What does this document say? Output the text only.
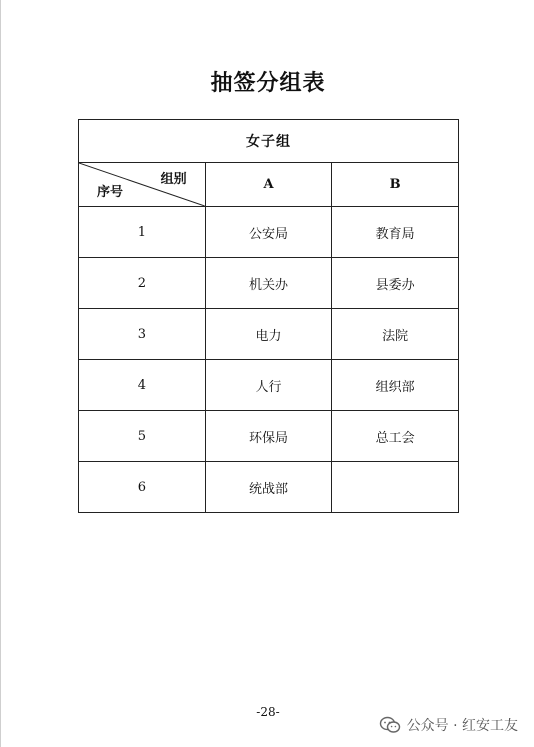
抽签分组表
女子组		

组别
序号	A	B
1	公安局	教育局
2	机关办	县委办
3	电力	法院
4	人行	组织部
5	环保局	总工会
6	统战部	
-28-
公众号 · 红安工友
